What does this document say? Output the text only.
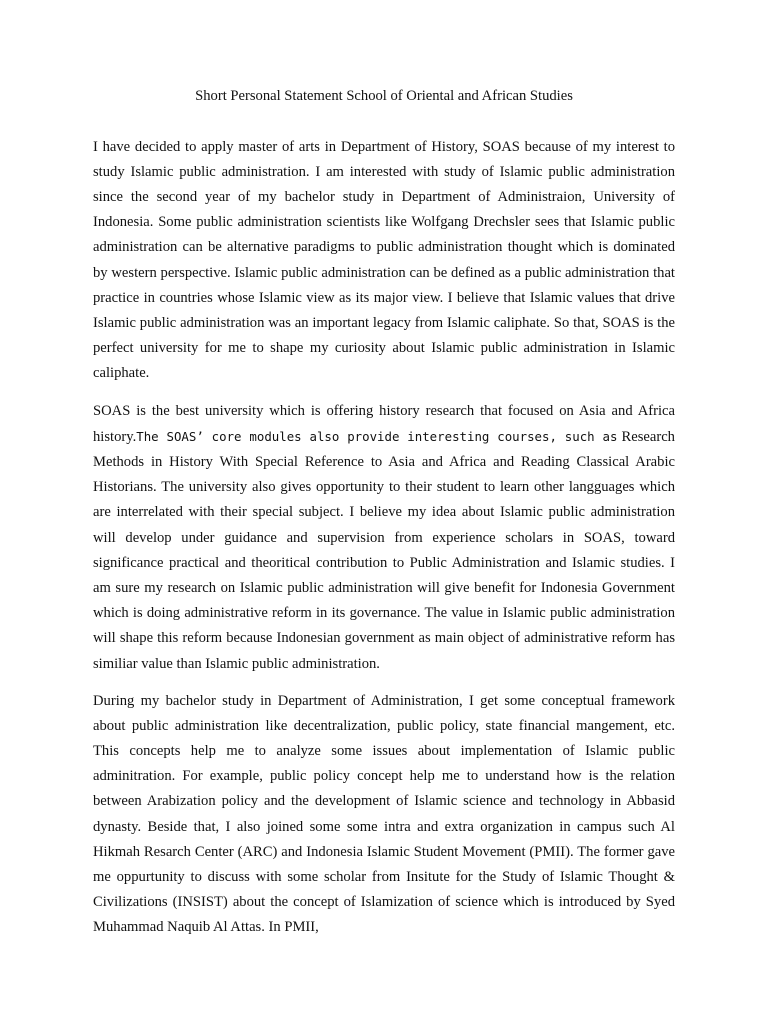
Short Personal Statement School of Oriental and African Studies

I have decided to apply master of arts in Department of History, SOAS because of my interest to study Islamic public administration. I am interested with study of Islamic public administration since the second year of my bachelor study in Department of Administraion, University of Indonesia. Some public administration scientists like Wolfgang Drechsler sees that Islamic public administration can be alternative paradigms to public administration thought which is dominated by western perspective. Islamic public administration can be defined as a public administration that practice in countries whose Islamic view as its major view. I believe that Islamic values that drive Islamic public administration was an important legacy from Islamic caliphate. So that, SOAS is the perfect university for me to shape my curiosity about Islamic public administration in Islamic caliphate.

SOAS is the best university which is offering history research that focused on Asia and Africa history.The SOAS’ core modules also provide interesting courses, such as Research Methods in History With Special Reference to Asia and Africa and Reading Classical Arabic Historians. The university also gives opportunity to their student to learn other langguages which are interrelated with their special subject. I believe my idea about Islamic public administration will develop under guidance and supervision from experience scholars in SOAS, toward significance practical and theoritical contribution to Public Administration and Islamic studies. I am sure my research on Islamic public administration will give benefit for Indonesia Government which is doing administrative reform in its governance. The value in Islamic public administration will shape this reform because Indonesian government as main object of administrative reform has similiar value than Islamic public administration.

During my bachelor study in Department of Administration, I get some conceptual framework about public administration like decentralization, public policy, state financial mangement, etc. This concepts help me to analyze some issues about implementation of Islamic public adminitration. For example, public policy concept help me to understand how is the relation between Arabization policy and the development of Islamic science and technology in Abbasid dynasty. Beside that, I also joined some some intra and extra organization in campus such Al Hikmah Resarch Center (ARC) and Indonesia Islamic Student Movement (PMII). The former gave me oppurtunity to discuss with some scholar from Insitute for the Study of Islamic Thought & Civilizations (INSIST) about the concept of Islamization of science which is introduced by Syed Muhammad Naquib Al Attas. In PMII,
